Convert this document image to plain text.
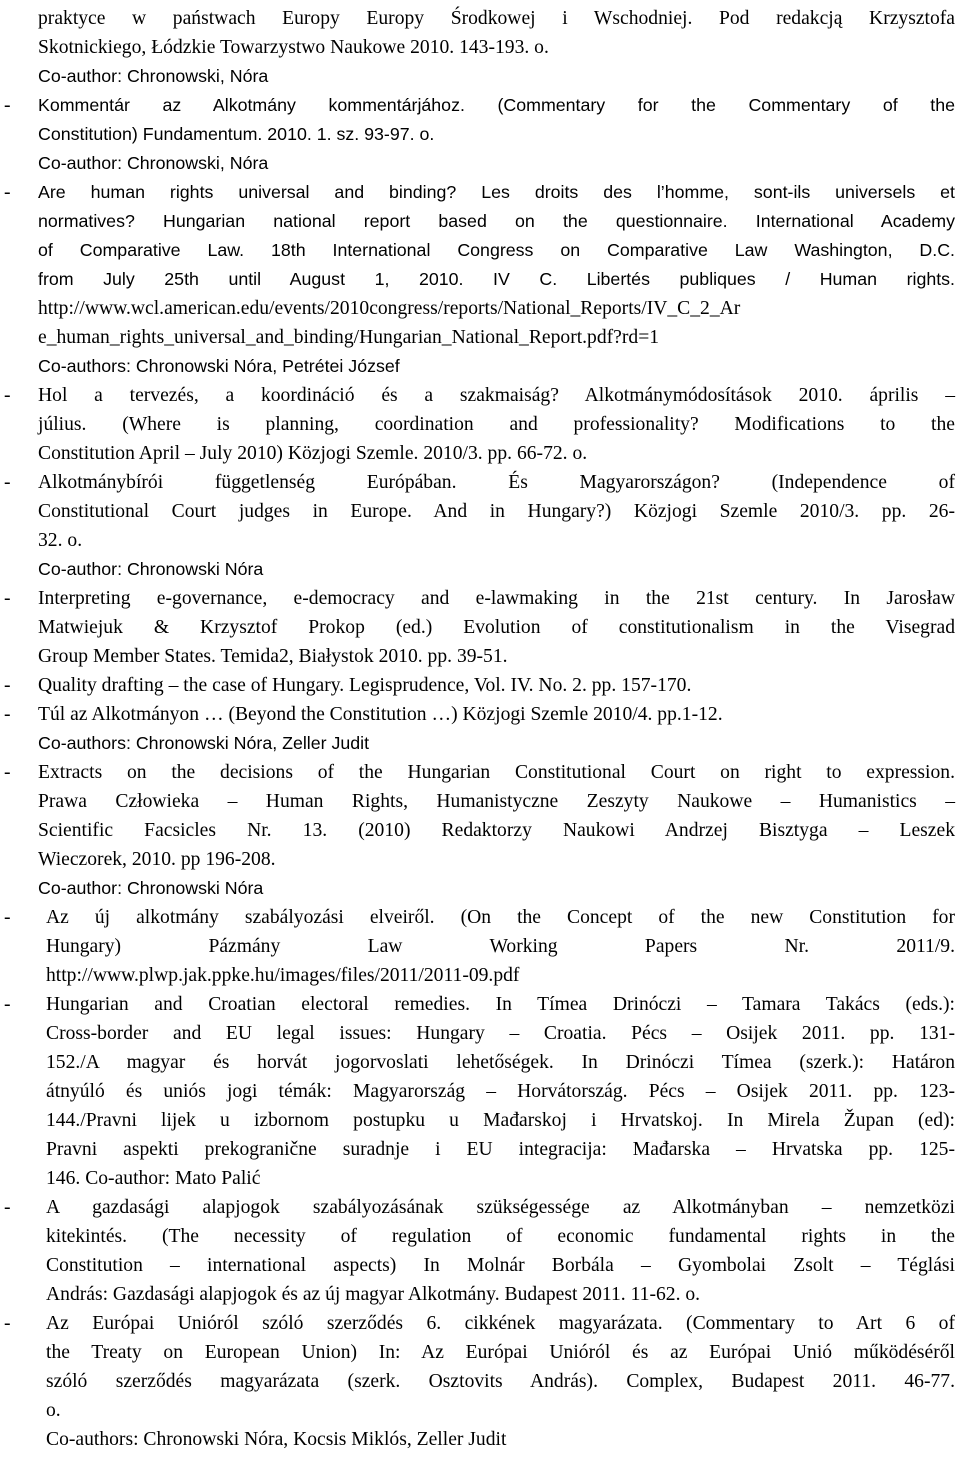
praktyce w państwach Europy Europy Środkowej i Wschodniej. Pod redakcją Krzysztofa
Skotnickiego, Łódzkie Towarzystwo Naukowe 2010. 143-193. o.
Co-author: Chronowski, Nóra
-	Kommentár az Alkotmány kommentárjához. (Commentary for the Commentary of the
Constitution) Fundamentum. 2010. 1. sz. 93-97. o.
Co-author: Chronowski, Nóra
-	Are human rights universal and binding? Les droits des l’homme, sont-ils universels et
normatives? Hungarian national report based on the questionnaire. International Academy
of Comparative Law. 18th International Congress on Comparative Law Washington, D.C.
from July 25th until August 1, 2010. IV C. Libertés publiques / Human rights.
http://www.wcl.american.edu/events/2010congress/reports/National_Reports/IV_C_2_Ar
e_human_rights_universal_and_binding/Hungarian_National_Report.pdf?rd=1
Co-authors: Chronowski Nóra, Petrétei József
-	Hol a tervezés, a koordináció és a szakmaiság? Alkotmánymódosítások 2010. április –
július. (Where is planning, coordination and professionality? Modifications to the
Constitution April – July 2010) Közjogi Szemle. 2010/3. pp. 66-72. o.
-	Alkotmánybírói függetlenség Európában. És Magyarországon? (Independence of
Constitutional Court judges in Europe. And in Hungary?) Közjogi Szemle 2010/3. pp. 26-
32. o.
Co-author: Chronowski Nóra
-	Interpreting e-governance, e-democracy and e-lawmaking in the 21st century. In Jarosław
Matwiejuk & Krzysztof Prokop (ed.) Evolution of constitutionalism in the Visegrad
Group Member States. Temida2, Białystok 2010. pp. 39-51.
-	Quality drafting – the case of Hungary. Legisprudence, Vol. IV. No. 2. pp. 157-170.
-	Túl az Alkotmányon … (Beyond the Constitution …) Közjogi Szemle 2010/4. pp.1-12.
Co-authors: Chronowski Nóra, Zeller Judit
-	Extracts on the decisions of the Hungarian Constitutional Court on right to expression.
Prawa Człowieka – Human Rights, Humanistyczne Zeszyty Naukowe – Humanistics –
Scientific Facsicles Nr. 13. (2010) Redaktorzy Naukowi Andrzej Bisztyga – Leszek
Wieczorek, 2010. pp 196-208.
Co-author: Chronowski Nóra
-	Az új alkotmány szabályozási elveiről. (On the Concept of the new Constitution for
Hungary) Pázmány Law Working Papers Nr. 2011/9.
http://www.plwp.jak.ppke.hu/images/files/2011/2011-09.pdf
-	Hungarian and Croatian electoral remedies. In Tímea Drinóczi – Tamara Takács (eds.):
Cross-border and EU legal issues: Hungary – Croatia. Pécs – Osijek 2011. pp. 131-
152./A magyar és horvát jogorvoslati lehetőségek. In Drinóczi Tímea (szerk.): Határon
átnyúló és uniós jogi témák: Magyarország – Horvátország. Pécs – Osijek 2011. pp. 123-
144./Pravni lijek u izbornom postupku u Mađarskoj i Hrvatskoj. In Mirela Župan (ed):
Pravni aspekti prekograničnе suradnje i EU integracija: Mađarska – Hrvatska pp. 125-
146. Co-author: Mato Palić
-	A gazdasági alapjogok szabályozásának szükségessége az Alkotmányban – nemzetközi
kitekintés. (The necessity of regulation of economic fundamental rights in the
Constitution – international aspects) In Molnár Borbála – Gyombolai Zsolt – Téglási
András: Gazdasági alapjogok és az új magyar Alkotmány. Budapest 2011. 11-62. o.
-	Az Európai Unióról szóló szerződés 6. cikkének magyarázata. (Commentary to Art 6 of
the Treaty on European Union) In: Az Európai Unióról és az Európai Unió működéséről
szóló szerződés magyarázata (szerk. Osztovits András). Complex, Budapest 2011. 46-77.
o.
Co-authors: Chronowski Nóra, Kocsis Miklós, Zeller Judit
